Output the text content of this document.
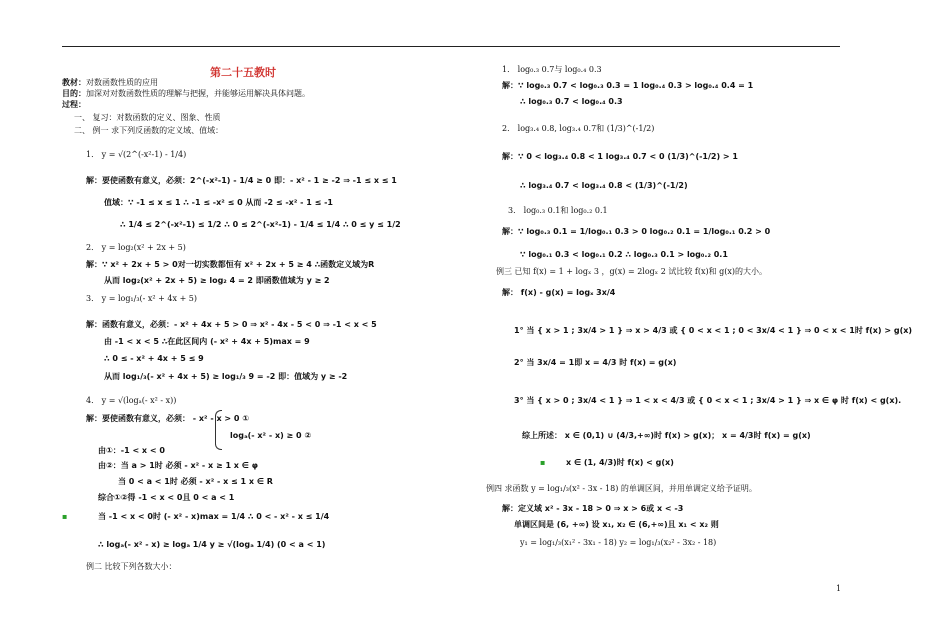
第二十五教时
教材：对数函数性质的应用
目的：加深对对数函数性质的理解与把握，并能够运用解决具体问题。
过程：
一、 复习：对数函数的定义、图象、性质
二、 例一 求下列反函数的定义域、值域：
1． y = √(2^(-x²-1) - 1/4)
解：要使函数有意义，必须：2^(-x²-1) - 1/4 ≥ 0 即：- x² - 1 ≥ -2 ⇒ -1 ≤ x ≤ 1
值域：∵ -1 ≤ x ≤ 1 ∴ -1 ≤ -x² ≤ 0 从而 -2 ≤ -x² - 1 ≤ -1
∴ 1/4 ≤ 2^(-x²-1) ≤ 1/2 ∴ 0 ≤ 2^(-x²-1) - 1/4 ≤ 1/4 ∴ 0 ≤ y ≤ 1/2
2． y = log₂(x² + 2x + 5)
解：∵ x² + 2x + 5 > 0对一切实数都恒有 x² + 2x + 5 ≥ 4 ∴函数定义域为R
从而 log₂(x² + 2x + 5) ≥ log₂ 4 = 2 即函数值域为 y ≥ 2
3． y = log₁/₃(- x² + 4x + 5)
解：函数有意义，必须：- x² + 4x + 5 > 0 ⇒ x² - 4x - 5 < 0 ⇒ -1 < x < 5
由 -1 < x < 5 ∴在此区间内 (- x² + 4x + 5)max = 9
∴ 0 ≤ - x² + 4x + 5 ≤ 9
从而 log₁/₃(- x² + 4x + 5) ≥ log₁/₃ 9 = -2 即：值域为 y ≥ -2
4． y = √(logₐ(- x² - x))
解：要使函数有意义，必须： - x² - x > 0 ①
logₐ(- x² - x) ≥ 0 ②
由①：-1 < x < 0
由②：当 a > 1时 必须 - x² - x ≥ 1 x ∈ φ
当 0 < a < 1时 必须 - x² - x ≤ 1 x ∈ R
综合①②得 -1 < x < 0且 0 < a < 1
▪	当 -1 < x < 0时 (- x² - x)max = 1/4 ∴ 0 < - x² - x ≤ 1/4
∴ logₐ(- x² - x) ≥ logₐ 1/4 y ≥ √(logₐ 1/4) (0 < a < 1)
例二 比较下列各数大小：
1． log₀.₃ 0.7与 log₀.₄ 0.3
解：∵ log₀.₃ 0.7 < log₀.₃ 0.3 = 1 log₀.₄ 0.3 > log₀.₄ 0.4 = 1
∴ log₀.₃ 0.7 < log₀.₄ 0.3
2． log₃.₄ 0.8, log₃.₄ 0.7和 (1/3)^(-1/2)
解：∵ 0 < log₃.₄ 0.8 < 1 log₃.₄ 0.7 < 0 (1/3)^(-1/2) > 1
∴ log₃.₄ 0.7 < log₃.₄ 0.8 < (1/3)^(-1/2)
3． log₀.₃ 0.1和 log₀.₂ 0.1
解：∵ log₀.₃ 0.1 = 1/log₀.₁ 0.3 > 0 log₀.₂ 0.1 = 1/log₀.₁ 0.2 > 0
∵ log₀.₁ 0.3 < log₀.₁ 0.2 ∴ log₀.₃ 0.1 > log₀.₂ 0.1
例三 已知 f(x) = 1 + logₓ 3 ，g(x) = 2logₓ 2 试比较 f(x)和 g(x)的大小。
解： f(x) - g(x) = logₓ 3x/4
1° 当 { x > 1 ; 3x/4 > 1 } ⇒ x > 4/3 或 { 0 < x < 1 ; 0 < 3x/4 < 1 } ⇒ 0 < x < 1时 f(x) > g(x)
2° 当 3x/4 = 1即 x = 4/3 时 f(x) = g(x)
3° 当 { x > 0 ; 3x/4 < 1 } ⇒ 1 < x < 4/3 或 { 0 < x < 1 ; 3x/4 > 1 } ⇒ x ∈ φ 时 f(x) < g(x).
综上所述： x ∈ (0,1) ∪ (4/3,+∞)时 f(x) > g(x)； x = 4/3时 f(x) = g(x)
▪	x ∈ (1, 4/3)时 f(x) < g(x)
例四 求函数 y = log₁/₃(x² - 3x - 18) 的单调区间，并用单调定义给予证明。
解：定义域 x² - 3x - 18 > 0 ⇒ x > 6或 x < -3
单调区间是 (6, +∞) 设 x₁, x₂ ∈ (6,+∞)且 x₁ < x₂ 则
y₁ = log₁/₃(x₁² - 3x₁ - 18) y₂ = log₁/₃(x₂² - 3x₂ - 18)
1
